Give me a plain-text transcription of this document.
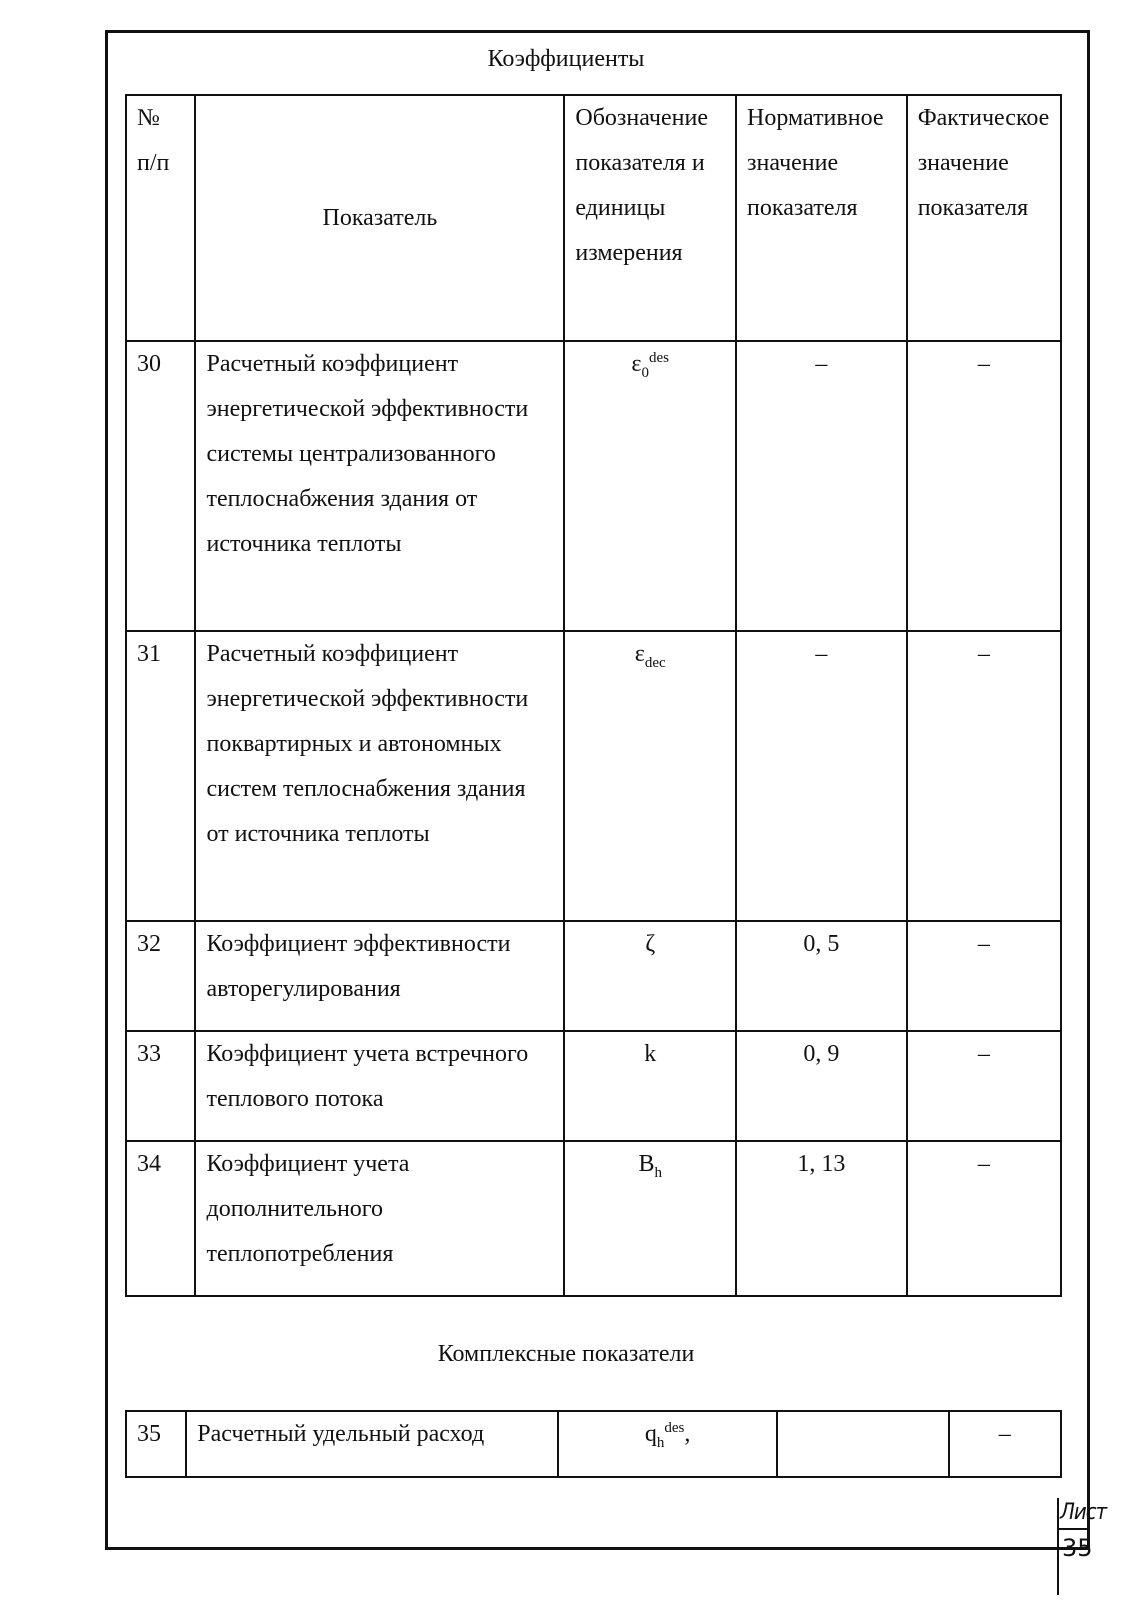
Коэффициенты
№ п/п	Показатель	Обозначение показателя и единицы измерения	Нормативное значение показателя	Фактическое значение показателя
30	Расчетный коэффициент энергетической эффективности системы централизованного теплоснабжения здания от источника теплоты	$\varepsilon_0^{des}$	–	–
31	Расчетный коэффициент энергетической эффективности поквартирных и автономных систем теплоснабжения здания от источника теплоты	$\varepsilon_{dec}$	–	–
32	Коэффициент эффективности авторегулирования	ζ	0, 5	–
33	Коэффициент учета встречного теплового потока	k	0, 9	–
34	Коэффициент учета дополнительного теплопотребления	$B_h$	1, 13	–
Комплексные показатели
35	Расчетный удельный расход	$q_h^{des}$,		–
Лист
35
